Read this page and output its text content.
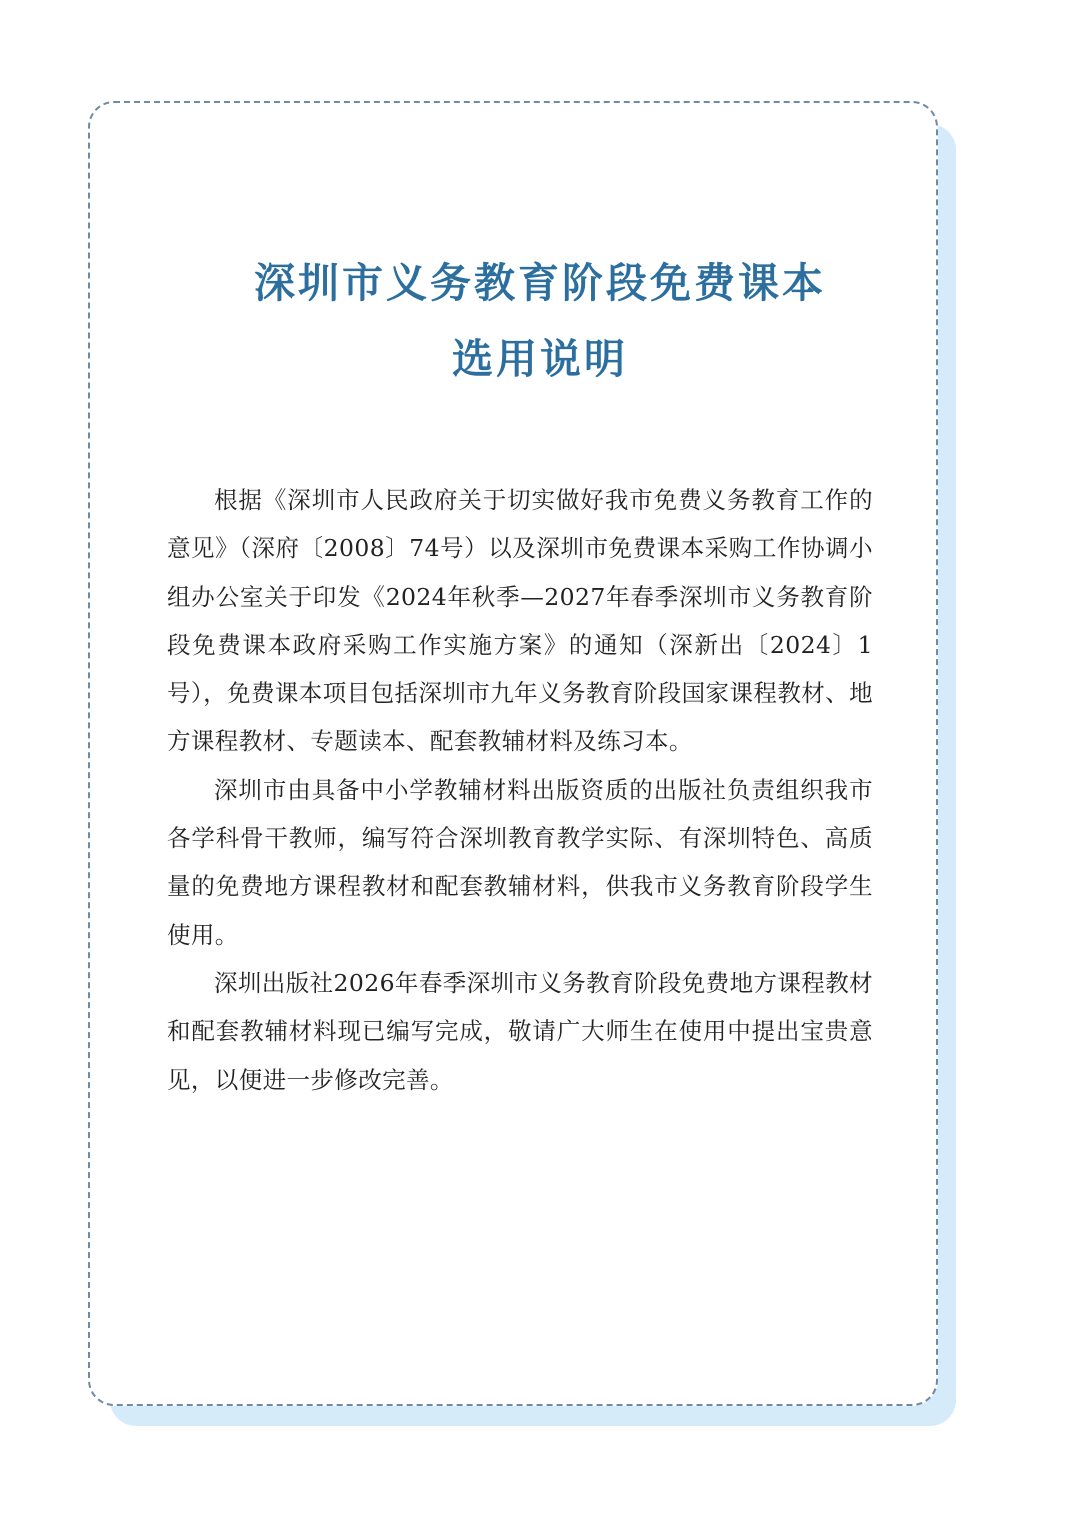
深圳市义务教育阶段免费课本
选用说明

根据《深圳市人民政府关于切实做好我市免费义务教育工作的意见》（深府〔2008〕74号）以及深圳市免费课本采购工作协调小组办公室关于印发《2024年秋季—2027年春季深圳市义务教育阶段免费课本政府采购工作实施方案》的通知（深新出〔2024〕1号），免费课本项目包括深圳市九年义务教育阶段国家课程教材、地方课程教材、专题读本、配套教辅材料及练习本。

深圳市由具备中小学教辅材料出版资质的出版社负责组织我市各学科骨干教师，编写符合深圳教育教学实际、有深圳特色、高质量的免费地方课程教材和配套教辅材料，供我市义务教育阶段学生使用。

深圳出版社2026年春季深圳市义务教育阶段免费地方课程教材和配套教辅材料现已编写完成，敬请广大师生在使用中提出宝贵意见，以便进一步修改完善。
